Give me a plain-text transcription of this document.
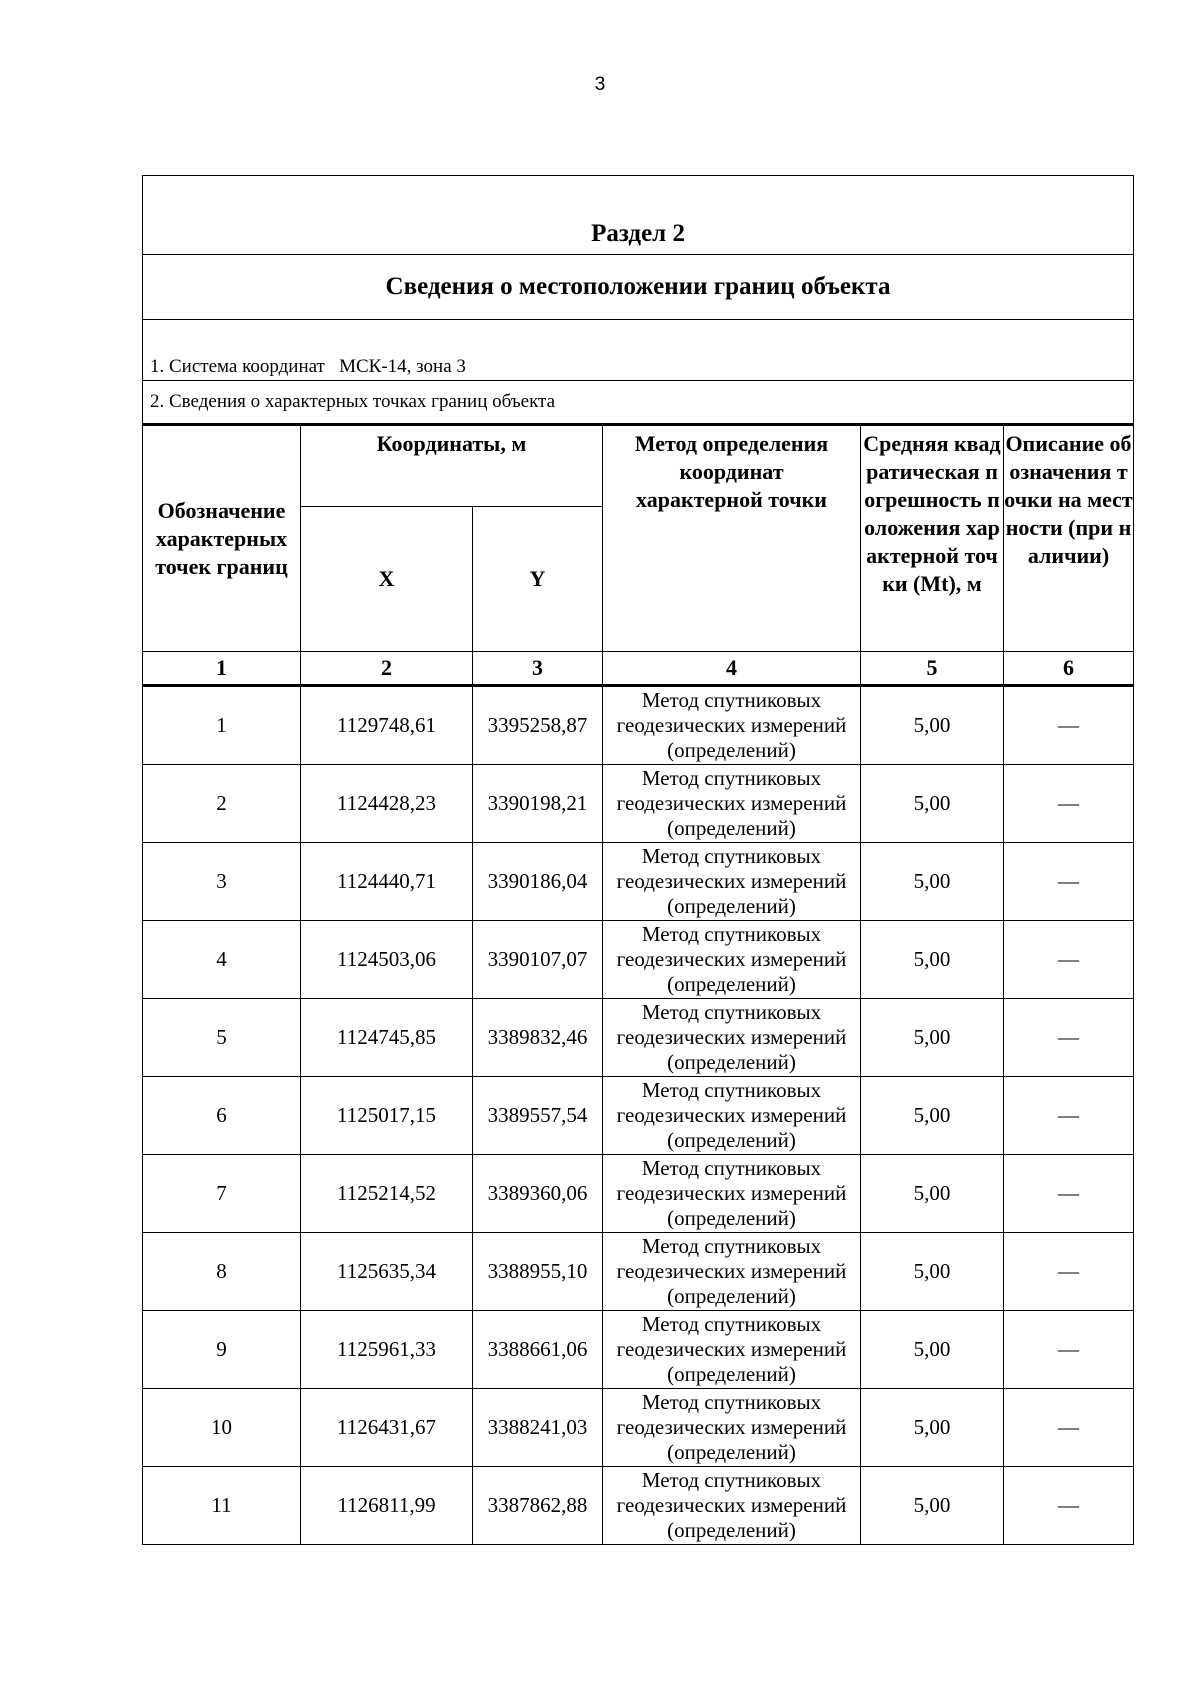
3
Раздел 2					
Сведения о местоположении границ объекта					

1. Система координат   МСК-14, зона 3					
2. Сведения о характерных точках границ объекта					
Обозначение характерных точек границ	Координаты, м		Метод определения координат характерной точки	Средняя квадратическая погрешность положения характерной точки (Mt), м	Описание обозначения точки на местности (при наличии)
	X	Y			
1	2	3	4	5	6
1	1129748,61	3395258,87	Метод спутниковых геодезических измерений (определений)	5,00	—
2	1124428,23	3390198,21	Метод спутниковых геодезических измерений (определений)	5,00	—
3	1124440,71	3390186,04	Метод спутниковых геодезических измерений (определений)	5,00	—
4	1124503,06	3390107,07	Метод спутниковых геодезических измерений (определений)	5,00	—
5	1124745,85	3389832,46	Метод спутниковых геодезических измерений (определений)	5,00	—
6	1125017,15	3389557,54	Метод спутниковых геодезических измерений (определений)	5,00	—
7	1125214,52	3389360,06	Метод спутниковых геодезических измерений (определений)	5,00	—
8	1125635,34	3388955,10	Метод спутниковых геодезических измерений (определений)	5,00	—
9	1125961,33	3388661,06	Метод спутниковых геодезических измерений (определений)	5,00	—
10	1126431,67	3388241,03	Метод спутниковых геодезических измерений (определений)	5,00	—
11	1126811,99	3387862,88	Метод спутниковых геодезических измерений (определений)	5,00	—
